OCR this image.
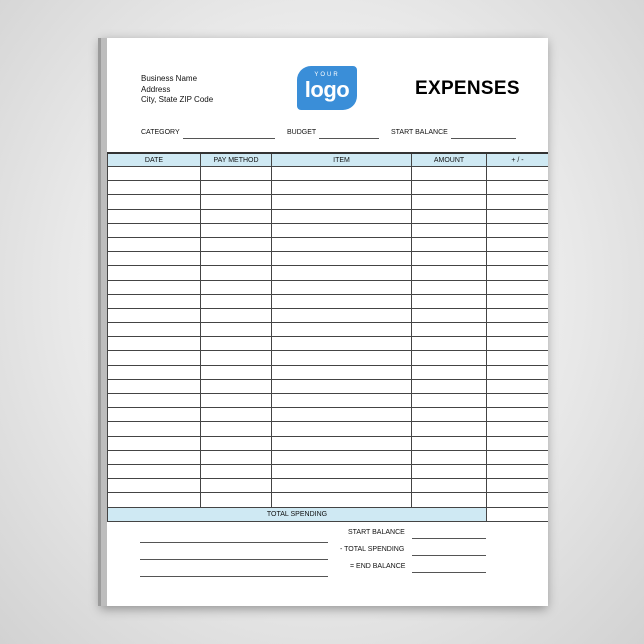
Business Name
Address
City, State ZIP Code
YOUR
logo	EXPENSES
CATEGORY	BUDGET	START BALANCE
DATE	PAY METHOD	ITEM	AMOUNT	+ / -

TOTAL SPENDING				
START BALANCE
- TOTAL SPENDING
= END BALANCE
